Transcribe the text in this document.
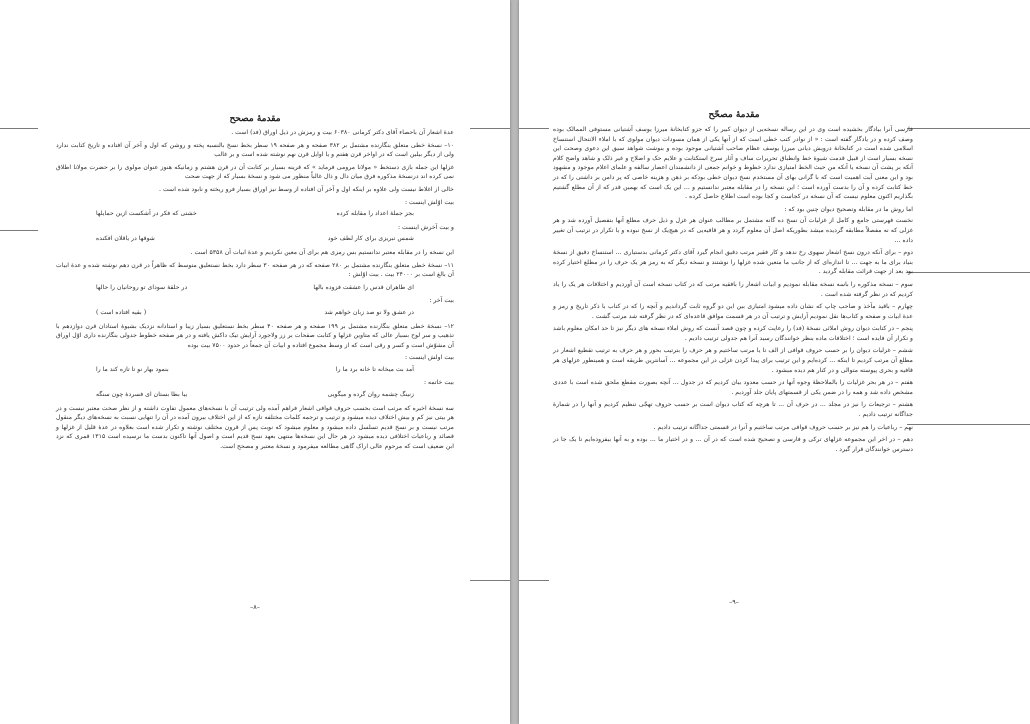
مقدمهٔ مصحح

عدهٔ اشعار آن باحصاء آقای دکتر کرمانی ۶۰۳۸۰ بیت و رمزش در ذیل اوراق (فد) است .

۱۰– نسخهٔ خطی متعلق بنگارنده مشتمل بر ۳۸۲ صفحه و هر صفحه ۱۹ سطر بخط نسخ بالنسبه پخته و روشن که اول و آخر آن افتاده و تاریخ کتابت ندارد ولی از دیگر بیلین است که در اواخر قرن هفتم و یا اوایل قرن نهم نوشته شده است و بر غالب

غزلها این جمله بازی دستخط « مولانا مرومی فرماید » که قرینه بسیار بر کتابت آن در قرن هشتم و زمانیکه هنوز عنوان مولوی را بر حضرت مولانا اطلاق نمی کرده اند درنسخهٔ مذکوره فرق میان دال و ذال غالباً منظور می شود و نسخهٔ بسیار که از جهت صحت

خالی از اغلاط نیست ولی علاوه بر اینکه اول و آخر آن افتاده از وسط نیز اوراق بسیار فرو ریخته و نابود شده است .

بیت اوّلش اینست :
بجز جملهٔ اعداد را مقابله کرده
خشتی که فکر در آشکست ازین حمایلها
و بیت آخرش اینست :
شمس تبریزی برای کار لطف خود
شوقها در یاقلان افکنده

این نسخه را در مقابله معتبر ندانستیم بس رمزی هم برای آن معین نکردیم و عدهٔ ابیات آن ۵۳۵۸ است .

۱۱– نسخهٔ خطی متعلق بنگارنده مشتمل بر ۲۸۰ صفحه که در هر صفحه ۳۰ سطر دارد بخط نستعلیق متوسط که ظاهراً در قرن دهم نوشته شده و عدهٔ ابیات آن بالغ است بر ۲۴۰۰۰ بیت . بیت اوّلش :

ای طاهران قدس را عشقت فزوده بالها
در حلقهٔ سودای تو روحانیان را حالها
بیت آخر :
در عشق ولا نو صد زبان خواهم شد
( بقیه افتاده است )

۱۲– نسخهٔ خطی متعلق بنگارنده مشتمل بر ۱۹۹ صفحه و هر صفحه ۴۰ سطر بخط نستعلیق بسیار زیبا و استادانه نزدیک بشیوهٔ استادان قرن دوازدهم با تذهیب و سر لوح بسیار عالی که متاوین غزلها و کتابت صفحات بر زر ولاجورد آرایش تیک داکش یافته و در هر صفحه خطوط جدولی بنگارنده داری اوّل اوراق آن مشوّش است و کسر و رقی است که از وسط مجموع افتاده و ابیات آن جمعاً در حدود ۷۵۰۰ بیت بوده

بیت اولش اینست :
آمد بت میخانه تا خانه برد ما را
بنمود بهار نو تا تازه کند ما را
بیت خاتمه :
زنینگ چشمه روان گرده و میگویی
بیا بطا بستان ای فسردهٔ چون سنگه

سه نسخهٔ اخیره که مرتب است بحسب حروف قوافی اشعار فراهم آمده ولی ترتیب آن با نسخه‌های معمول تفاوت داشته و از نظر صحت معتبر نیست و در هر بیتی نیز کم و بیش اختلاف دیده میشود و ترتیب و ترجمه کلمات مختلفه تازه که از این اختلاف بیرون آمده در آن را تنهایی نسبت به نسخه‌های دیگر منقول مرتب نیست و بر نسخ قدیم تسلسل داده میشود و معلوم میشود که نوبت پس از قرون مختلف نوشته و تکرار شده است بعلاوه در عدهٔ قلیل از غزلها و قصائد و رباعیات اختلافی دیده میشود در هر حال این نسخه‌ها منتهی بعهد نسخ قدیم است و اصول آنها تاکنون بدست ما نرسیده است ۱۳۱۵ قمری که نزد ابن ضعیف است که مرحوم عالی اراک گاهی مطالعه میفرمود و نسخهٔ معتبر و مصحح است.

–۸–
مقدمهٔ مصحّح

فارسی آنرا بیادگار بخشیده است وی در این رساله نسخه‌یی از دیوان کبیر را که جزو کتابخانهٔ میرزا یوسف آشتیانی مستوفی الممالک بوده وصف کرده و در یادگار گفته است : « از نوادر کتب خطی است که از آنها یکی از همان مسودات دیوان مولوی که با املاء الانتحال استنساخ اسلامی شده است در کتابخانهٔ درویش دیانی میرزا یوسف عظام صاحب آشتیانی موجود بوده و بنوشت شواهد سیق این دعوی وصحت این نسخه بسیار است از قبیل قدمت شیوهٔ خط وانطباق تحریرات ساف و آثار سرخ استکتابت و علایم حک و اصلاح و غیر ذلک و شاهد واضح کلام آنکه بر پشت آن نسخه یا آنکه من حیث الخط امتیازی ندارد خطوط و خوانم جمعی از دانشمندان اعصار سالفه و علمای اعلام موجود و مشهود بود و این معنی آیت اهمیت است که با گرانی بهای آن مستخدم نسخ دیوان خطی بودکه بر ذهن و هزینه خاصی که پر دامن بر داشتی را که در خط کتابت کرده و آن را بدست آورده است ؛ این نسخه را در مقابله معتبر ندانستیم و ... این یک است که بهمین قدر که از آن مطلع گشتیم بگذاریم اکنون معلوم نیست که آن نسخه در کجاست و کجا بوده است اطلاع حاصل کرده .

اما روش ما در مقابله وتصحیح دیوان چنین بود که :

نخست فهرستی جامع و کامل از غزلیات آن نسخ ده گانه مشتمل بر مطالب عنوان هر غزل و ذیل حرف مطلع آنها بتفصیل آورده شد و هر غزلی که نه مفصلاً مطابقه گردیده میشد بطوریکه اصل آن معلوم گردد و هر قافیه‌یی که در هیچ‌یک از نسخ نبوده و یا تکرار در ترتیب آن تغییر داده ...

دوم – برای آنکه درون نسخ اشعار سهوی رخ ندهد و کار فقیر مرتب دقیق انجام گیرد آقای دکتر کرمانی بدستیاری ... استنساخ دقیق از نسخهٔ بنیاد برای ما به جهت ... تا اندازه‌ای که از جانب ما متعین شده غزلها را نوشتند و نسخه دیگر که به رمز هر یک حرف را در مطلع اختیار کرده بود بعد از جهت قرائت مقابله گردید .

سوم – نسخه مذکوره را باسه نسخه مقابله نمودیم و ابیات اشعار را بافقیه مرتب که در کتاب نسخه است آن آوردیم و اختلافات هر یک را یاد کردیم که در نظر گرفته شده است .

چهارم – باقید مآخذ و صاحب چاپ که نشان داده میشود امتیازی بین این دو گروه ثابت گرداندیم و آنچه را که در کتاب با ذکر تاریخ و رمز و عدهٔ ابیات و صفحه و کتاب‌ها نقل نمودیم آرایش و ترتیب آن در هر قسمت موافق قاعده‌ای که در نظر گرفته شد مرتب گشت .

پنجم – در کتابت دیوان روش املائی نسخهٔ (فد) را رعایت کرده و چون قصد آنست که روش املاء نسخه های دیگر نیز تا حد امکان معلوم باشد و تکرار آن فایده است ؛ اختلافات ماده بنظر خوانندگان رسید آنرا هم جدولی ترتیب دادیم .

ششم – غزلیات دیوان را بر حسب حروف قوافی از الف تا یا مرتب ساختیم و هر حرف را بترتیب بحور و هر حرف به ترتیب تقطیع اشعار در مطلع آن مرتب کردیم تا اینکه ... کرده‌ایم و این ترتیب برای پیدا کردن غزلی در این مجموعه ... آسانترین طریقه است و همینطور عزلهای هر قافیه و بحری پیوسته متوالی و در کنار هم دیده میشود .

هفتم – در هر بحر غزلیات را بالملاحظهٔ وجوه آنها در حسب معدود بیان کردیم که در جدول ... آنچه بصورت مقطع ملحق شده است با عددی مشخص داده شد و همه را در ضمن یکی از قسمتهای پایان جلد آوردیم .

هشتم – ترجیعات را نیز در مجلد ... در حرف آن ... تا هرچه که کتاب دیوان است بر حسب حروف تهجّی تنظیم کردیم و آنها را در شمارهٔ جداگانه ترتیب دادیم .

نهم – رباعیات را هم نیز بر حسب حروف قوافی مرتب ساختیم و آنرا در قسمتی جداگانه ترتیب دادیم .

دهم – در اخر این مجموعه غزلهای ترکی و فارسی و تصحیح شده است که در آن ... و در اختیار ما ... بوده و به آنها بیفزوده‌ایم تا یک جا در دسترس خوانندگان قرار گیرد .

–۹–
